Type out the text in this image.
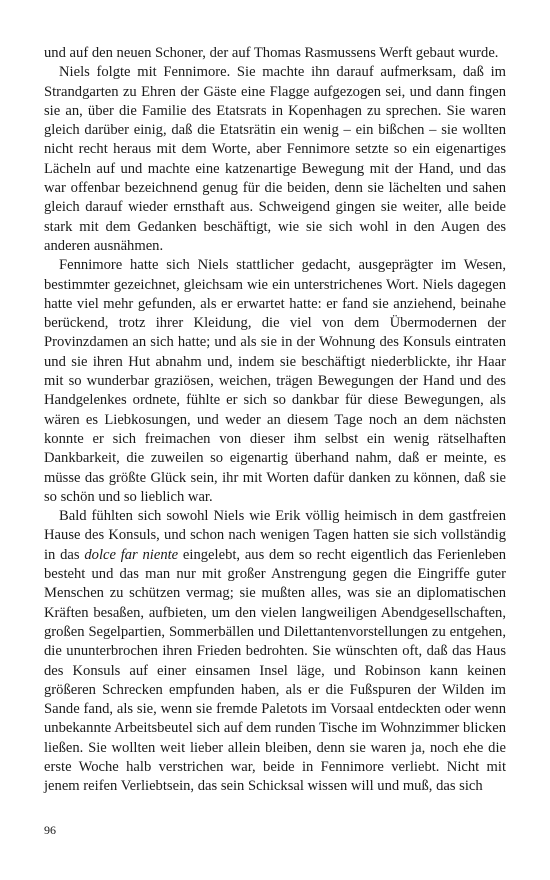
und auf den neuen Schoner, der auf Thomas Rasmussens Werft gebaut wurde.

Niels folgte mit Fennimore. Sie machte ihn darauf aufmerksam, daß im Strandgarten zu Ehren der Gäste eine Flagge aufgezogen sei, und dann fingen sie an, über die Familie des Etatsrats in Kopenhagen zu sprechen. Sie waren gleich darüber einig, daß die Etatsrätin ein wenig – ein bißchen – sie wollten nicht recht heraus mit dem Worte, aber Fennimore setzte so ein eigenartiges Lächeln auf und machte eine katzenartige Bewegung mit der Hand, und das war offenbar bezeichnend genug für die beiden, denn sie lächelten und sahen gleich darauf wieder ernsthaft aus. Schweigend gingen sie weiter, alle beide stark mit dem Gedanken beschäftigt, wie sie sich wohl in den Augen des anderen ausnähmen.

Fennimore hatte sich Niels stattlicher gedacht, ausgeprägter im Wesen, bestimmter gezeichnet, gleichsam wie ein unterstrichenes Wort. Niels dagegen hatte viel mehr gefunden, als er erwartet hatte: er fand sie anziehend, beinahe berückend, trotz ihrer Kleidung, die viel von dem Übermodernen der Provinzdamen an sich hatte; und als sie in der Wohnung des Konsuls eintraten und sie ihren Hut abnahm und, indem sie beschäftigt niederblickte, ihr Haar mit so wunderbar graziösen, weichen, trägen Bewegungen der Hand und des Handgelenkes ordnete, fühlte er sich so dankbar für diese Bewegungen, als wären es Liebkosungen, und weder an diesem Tage noch an dem nächsten konnte er sich freimachen von dieser ihm selbst ein wenig rätselhaften Dankbarkeit, die zuweilen so eigenartig überhand nahm, daß er meinte, es müsse das größte Glück sein, ihr mit Worten dafür danken zu können, daß sie so schön und so lieblich war.

Bald fühlten sich sowohl Niels wie Erik völlig heimisch in dem gastfreien Hause des Konsuls, und schon nach wenigen Tagen hatten sie sich vollständig in das dolce far niente eingelebt, aus dem so recht eigentlich das Ferienleben besteht und das man nur mit großer Anstrengung gegen die Eingriffe guter Menschen zu schützen vermag; sie mußten alles, was sie an diplomatischen Kräften besaßen, aufbieten, um den vielen langweiligen Abendgesellschaften, großen Segelpartien, Sommerbällen und Dilettantenvorstellungen zu entgehen, die ununterbrochen ihren Frieden bedrohten. Sie wünschten oft, daß das Haus des Konsuls auf einer einsamen Insel läge, und Robinson kann keinen größeren Schrecken empfunden haben, als er die Fußspuren der Wilden im Sande fand, als sie, wenn sie fremde Paletots im Vorsaal entdeckten oder wenn unbekannte Arbeitsbeutel sich auf dem runden Tische im Wohnzimmer blicken ließen. Sie wollten weit lieber allein bleiben, denn sie waren ja, noch ehe die erste Woche halb verstrichen war, beide in Fennimore verliebt. Nicht mit jenem reifen Verliebtsein, das sein Schicksal wissen will und muß, das sich

96
